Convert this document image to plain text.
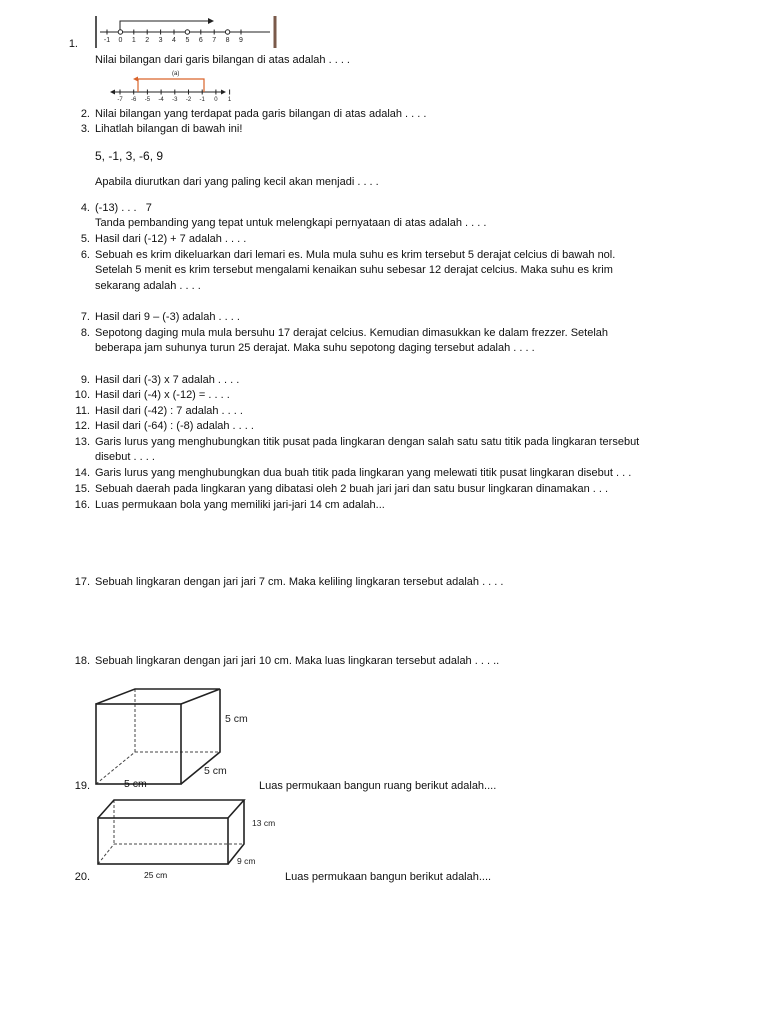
1.	-1 0 1 2 3 4 5 6 7 8 9
Nilai bilangan dari garis bilangan di atas adalah . . . .
(a)
-7 -6 -5 -4 -3 -2 -1 0 1
2. Nilai bilangan yang terdapat pada garis bilangan di atas adalah . . . .
3. Lihatlah bilangan di bawah ini!
5, -1, 3, -6, 9
Apabila diurutkan dari yang paling kecil akan menjadi . . . .
4. (-13) . . .   7
Tanda pembanding yang tepat untuk melengkapi pernyataan di atas adalah . . . .
5. Hasil dari (-12) + 7 adalah . . . .
6. Sebuah es krim dikeluarkan dari lemari es. Mula mula suhu es krim tersebut 5 derajat celcius di bawah nol.
Setelah 5 menit es krim tersebut mengalami kenaikan suhu sebesar 12 derajat celcius. Maka suhu es krim
sekarang adalah . . . .
7. Hasil dari 9 – (-3) adalah . . . .
8. Sepotong daging mula mula bersuhu 17 derajat celcius. Kemudian dimasukkan ke dalam frezzer. Setelah
beberapa jam suhunya turun 25 derajat. Maka suhu sepotong daging tersebut adalah . . . .
9. Hasil dari (-3) x 7 adalah . . . .
10. Hasil dari (-4) x (-12) = . . . .
11. Hasil dari (-42) : 7 adalah . . . .
12. Hasil dari (-64) : (-8) adalah . . . .
13. Garis lurus yang menghubungkan titik pusat pada lingkaran dengan salah satu satu titik pada lingkaran tersebut
disebut . . . .
14. Garis lurus yang menghubungkan dua buah titik pada lingkaran yang melewati titik pusat lingkaran disebut . . .
15. Sebuah daerah pada lingkaran yang dibatasi oleh 2 buah jari jari dan satu busur lingkaran dinamakan . . .
16. Luas permukaan bola yang memiliki jari-jari 14 cm adalah...
17. Sebuah lingkaran dengan jari jari 7 cm. Maka keliling lingkaran tersebut adalah . . . .
18. Sebuah lingkaran dengan jari jari 10 cm. Maka luas lingkaran tersebut adalah . . . ..
5 cm
5 cm
5 cm
19.	Luas permukaan bangun ruang berikut adalah....
13 cm
9 cm
25 cm
20.	Luas permukaan bangun berikut adalah....
